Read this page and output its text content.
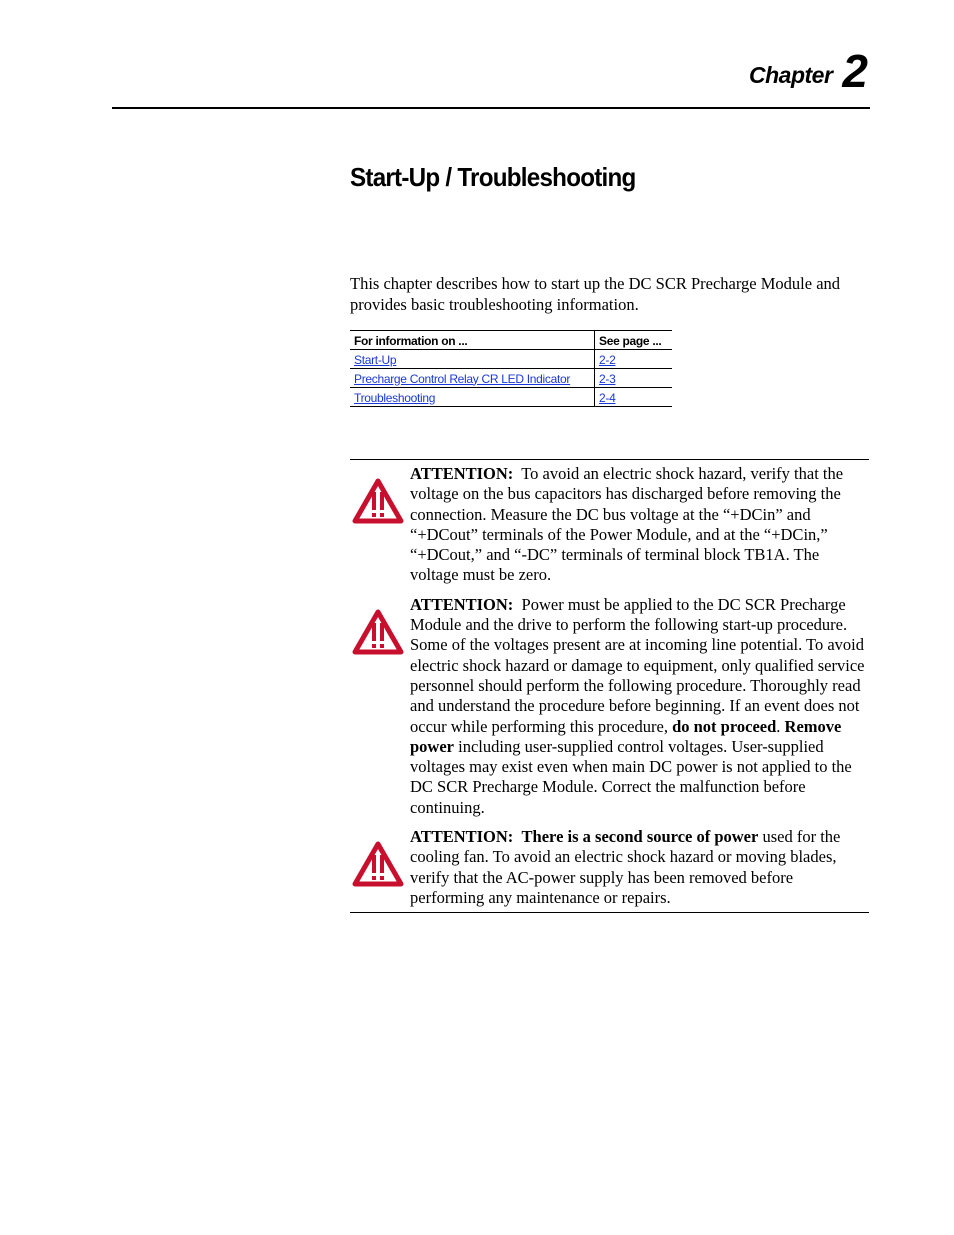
Chapter 2
Start-Up / Troubleshooting

This chapter describes how to start up the DC SCR Precharge Module and provides basic troubleshooting information.

For information on ...	See page ...
Start-Up	2-2
Precharge Control Relay CR LED Indicator	2-3
Troubleshooting	2-4

ATTENTION: To avoid an electric shock hazard, verify that the voltage on the bus capacitors has discharged before removing the connection. Measure the DC bus voltage at the “+DCin” and “+DCout” terminals of the Power Module, and at the “+DCin,” “+DCout,” and “-DC” terminals of terminal block TB1A. The voltage must be zero.

ATTENTION: Power must be applied to the DC SCR Precharge Module and the drive to perform the following start-up procedure. Some of the voltages present are at incoming line potential. To avoid electric shock hazard or damage to equipment, only qualified service personnel should perform the following procedure. Thoroughly read and understand the procedure before beginning. If an event does not occur while performing this procedure, do not proceed. Remove power including user-supplied control voltages. User-supplied voltages may exist even when main DC power is not applied to the DC SCR Precharge Module. Correct the malfunction before continuing.

ATTENTION: There is a second source of power used for the cooling fan. To avoid an electric shock hazard or moving blades, verify that the AC-power supply has been removed before performing any maintenance or repairs.
